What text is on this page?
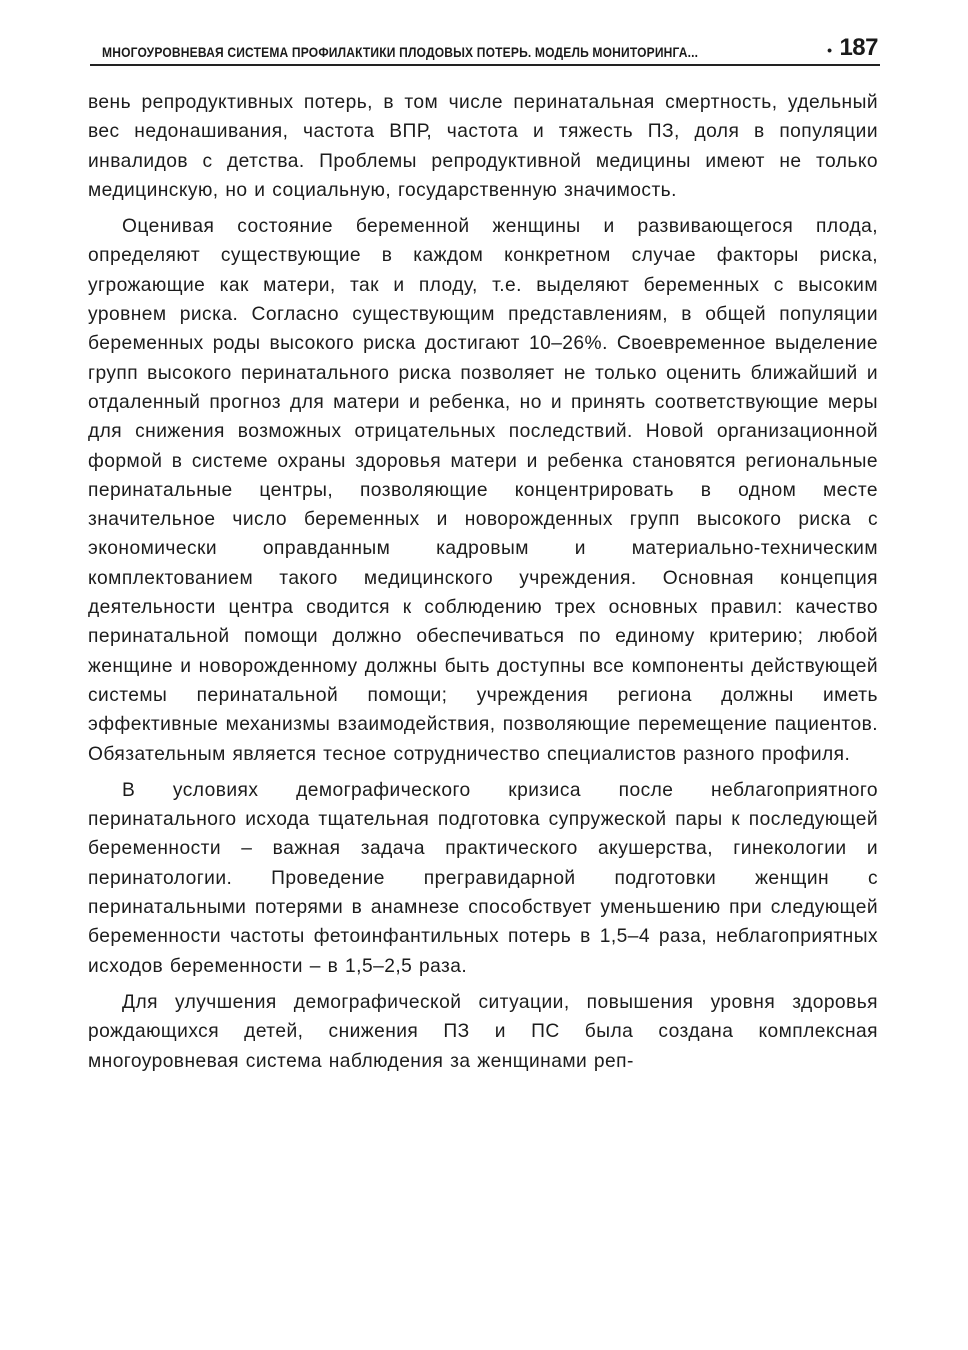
МНОГОУРОВНЕВАЯ СИСТЕМА ПРОФИЛАКТИКИ ПЛОДОВЫХ ПОТЕРЬ. МОДЕЛЬ МОНИТОРИНГА...	• 187

вень репродуктивных потерь, в том числе перинатальная смертность, удельный вес недонашивания, частота ВПР, частота и тяжесть ПЗ, доля в популяции инвалидов с детства. Проблемы репродуктивной медицины имеют не только медицинскую, но и социальную, государственную значимость.

Оценивая состояние беременной женщины и развивающегося плода, определяют существующие в каждом конкретном случае факторы риска, угрожающие как матери, так и плоду, т.е. выделяют беременных с высоким уровнем риска. Согласно существующим представлениям, в общей популяции беременных роды высокого риска достигают 10–26%. Своевременное выделение групп высокого перинатального риска позволяет не только оценить ближайший и отдаленный прогноз для матери и ребенка, но и принять соответствующие меры для снижения возможных отрицательных последствий. Новой организационной формой в системе охраны здоровья матери и ребенка становятся региональные перинатальные центры, позволяющие концентрировать в одном месте значительное число беременных и новорожденных групп высокого риска с экономически оправданным кадровым и материально-техническим комплектованием такого медицинского учреждения. Основная концепция деятельности центра сводится к соблюдению трех основных правил: качество перинатальной помощи должно обеспечиваться по единому критерию; любой женщине и новорожденному должны быть доступны все компоненты действующей системы перинатальной помощи; учреждения региона должны иметь эффективные механизмы взаимодействия, позволяющие перемещение пациентов. Обязательным является тесное сотрудничество специалистов разного профиля.

В условиях демографического кризиса после неблагоприятного перинатального исхода тщательная подготовка супружеской пары к последующей беременности – важная задача практического акушерства, гинекологии и перинатологии. Проведение прегравидарной подготовки женщин с перинатальными потерями в анамнезе способствует уменьшению при следующей беременности частоты фетоинфантильных потерь в 1,5–4 раза, неблагоприятных исходов беременности – в 1,5–2,5 раза.

Для улучшения демографической ситуации, повышения уровня здоровья рождающихся детей, снижения ПЗ и ПС была создана комплексная многоуровневая система наблюдения за женщинами реп-
